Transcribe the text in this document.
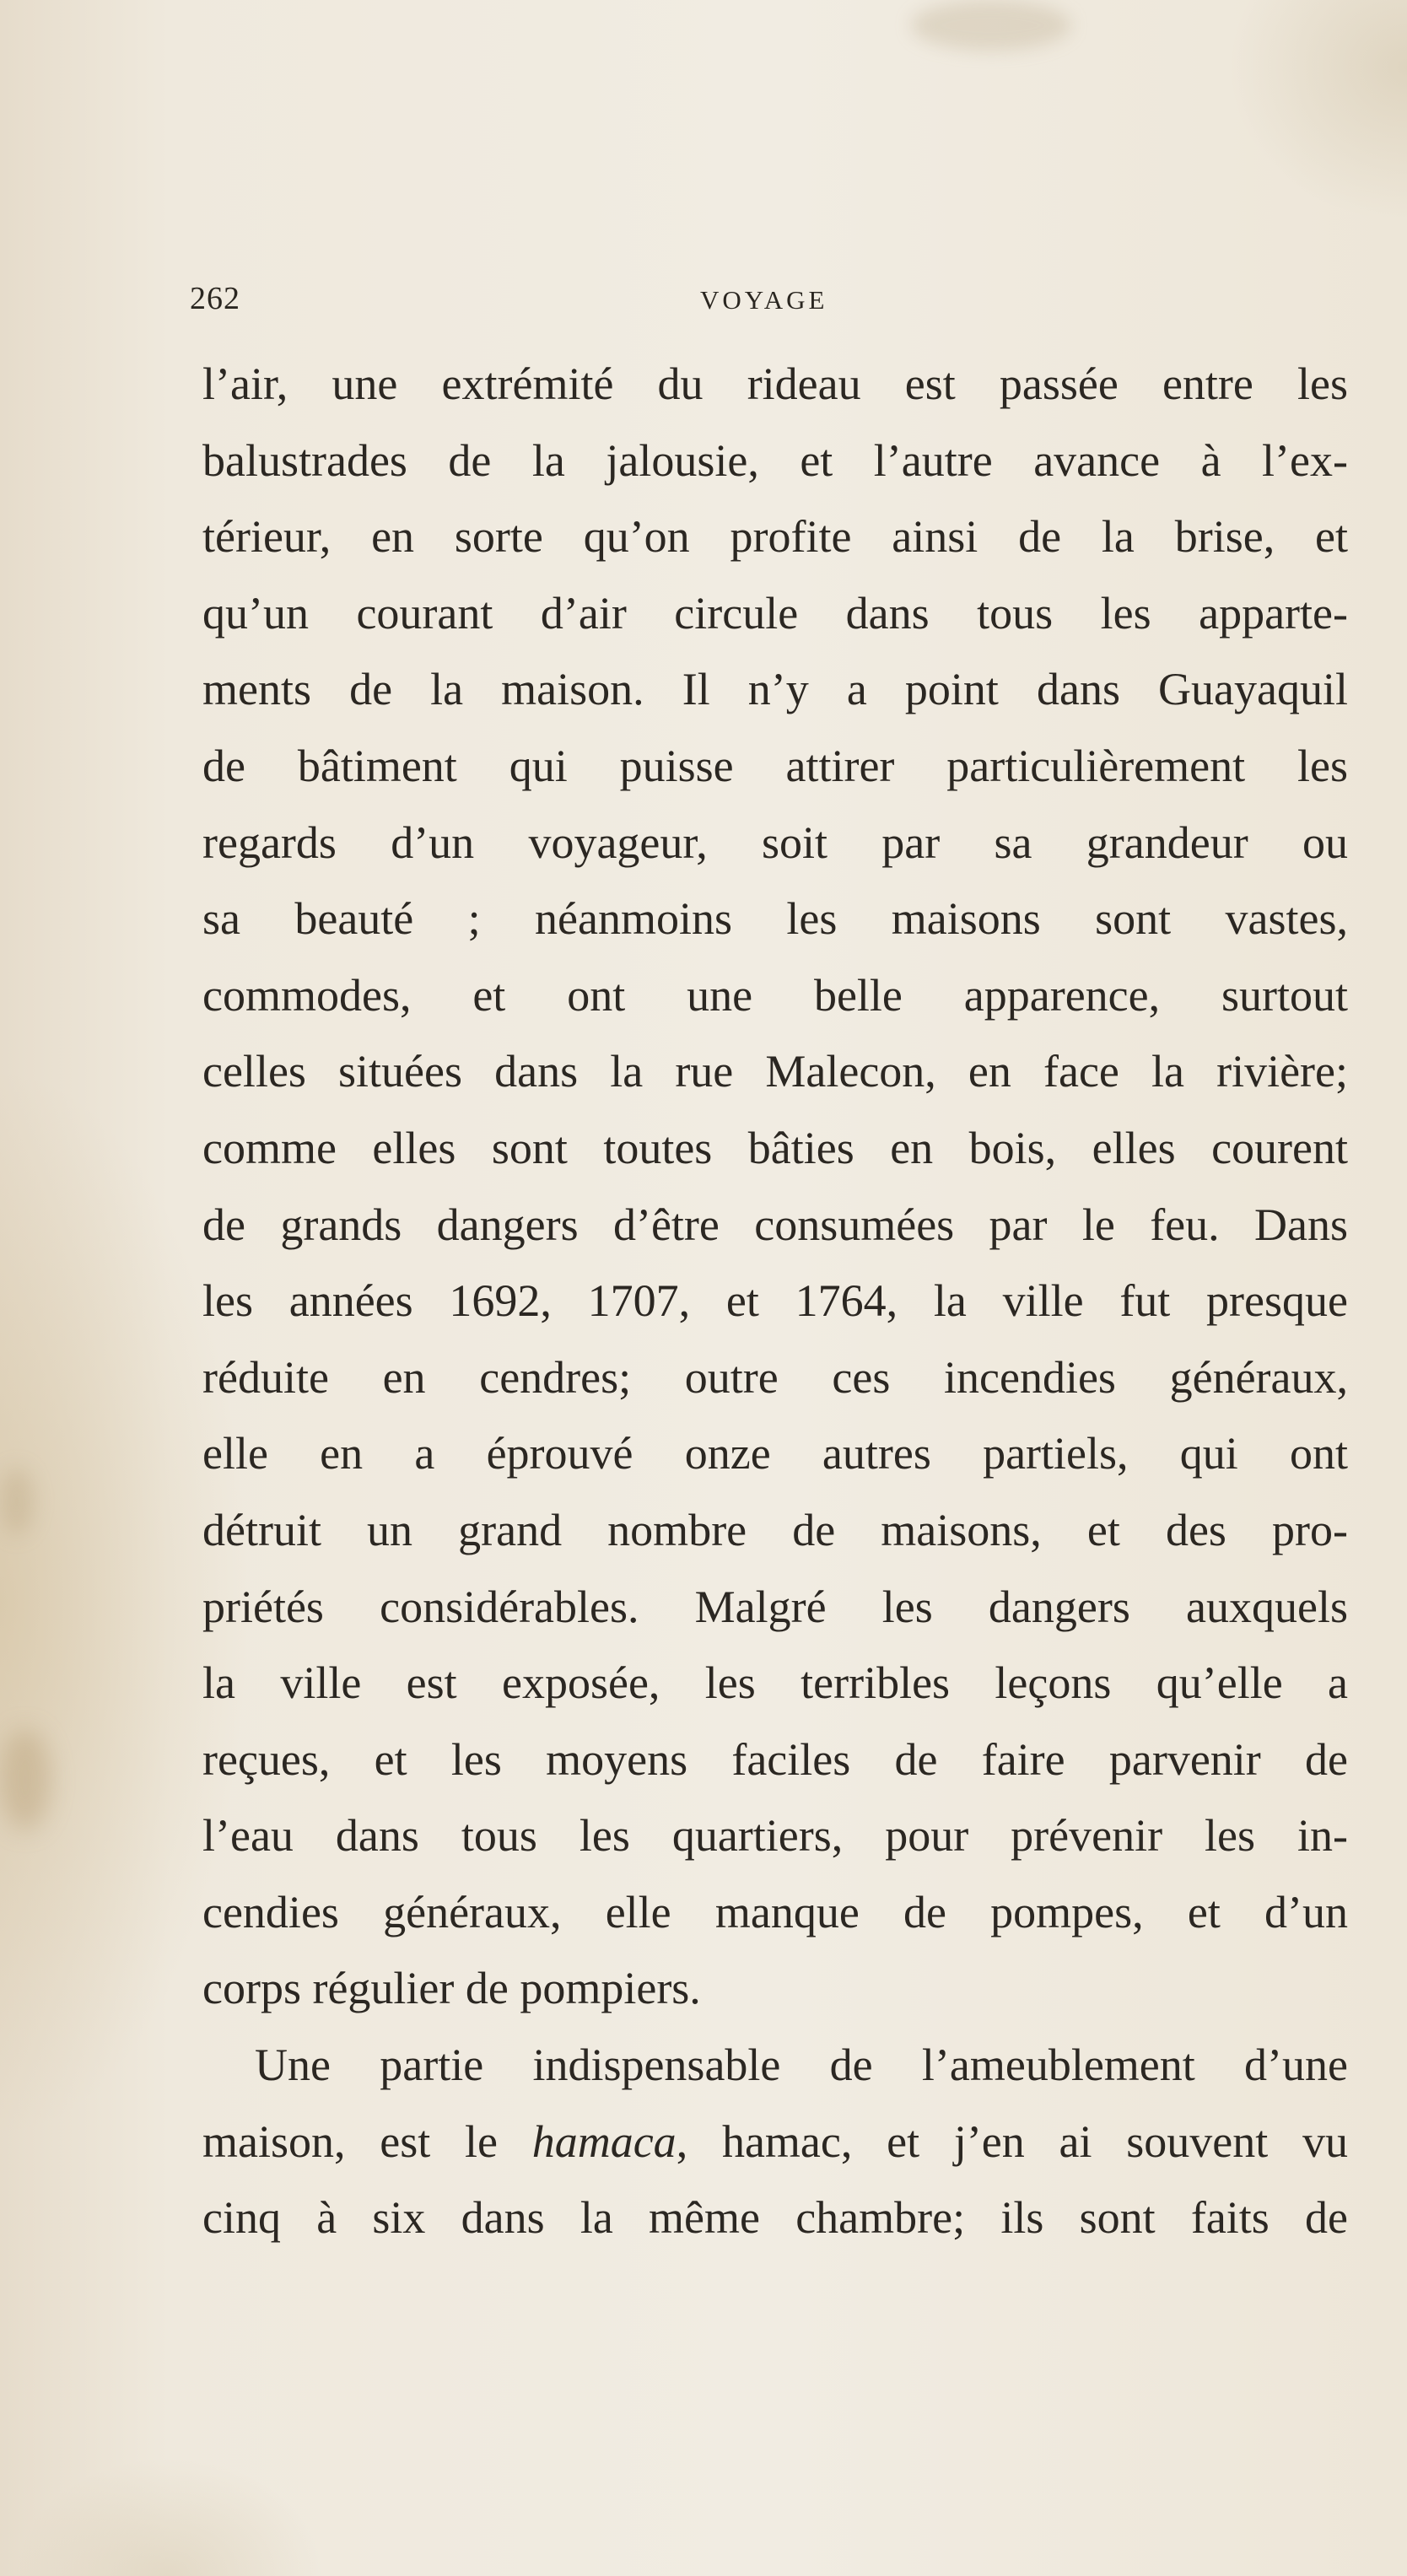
262	VOYAGE
l’air, une extrémité du rideau est passée entre les
balustrades de la jalousie, et l’autre avance à l’ex-
térieur, en sorte qu’on profite ainsi de la brise, et
qu’un courant d’air circule dans tous les apparte-
ments de la maison. Il n’y a point dans Guayaquil
de bâtiment qui puisse attirer particulièrement les
regards d’un voyageur, soit par sa grandeur ou
sa beauté ; néanmoins les maisons sont vastes,
commodes, et ont une belle apparence, surtout
celles situées dans la rue Malecon, en face la rivière;
comme elles sont toutes bâties en bois, elles courent
de grands dangers d’être consumées par le feu. Dans
les années 1692, 1707, et 1764, la ville fut presque
réduite en cendres; outre ces incendies généraux,
elle en a éprouvé onze autres partiels, qui ont
détruit un grand nombre de maisons, et des pro-
priétés considérables. Malgré les dangers auxquels
la ville est exposée, les terribles leçons qu’elle a
reçues, et les moyens faciles de faire parvenir de
l’eau dans tous les quartiers, pour prévenir les in-
cendies généraux, elle manque de pompes, et d’un
corps régulier de pompiers.
Une partie indispensable de l’ameublement d’une
maison, est le hamaca, hamac, et j’en ai souvent vu
cinq à six dans la même chambre; ils sont faits de
